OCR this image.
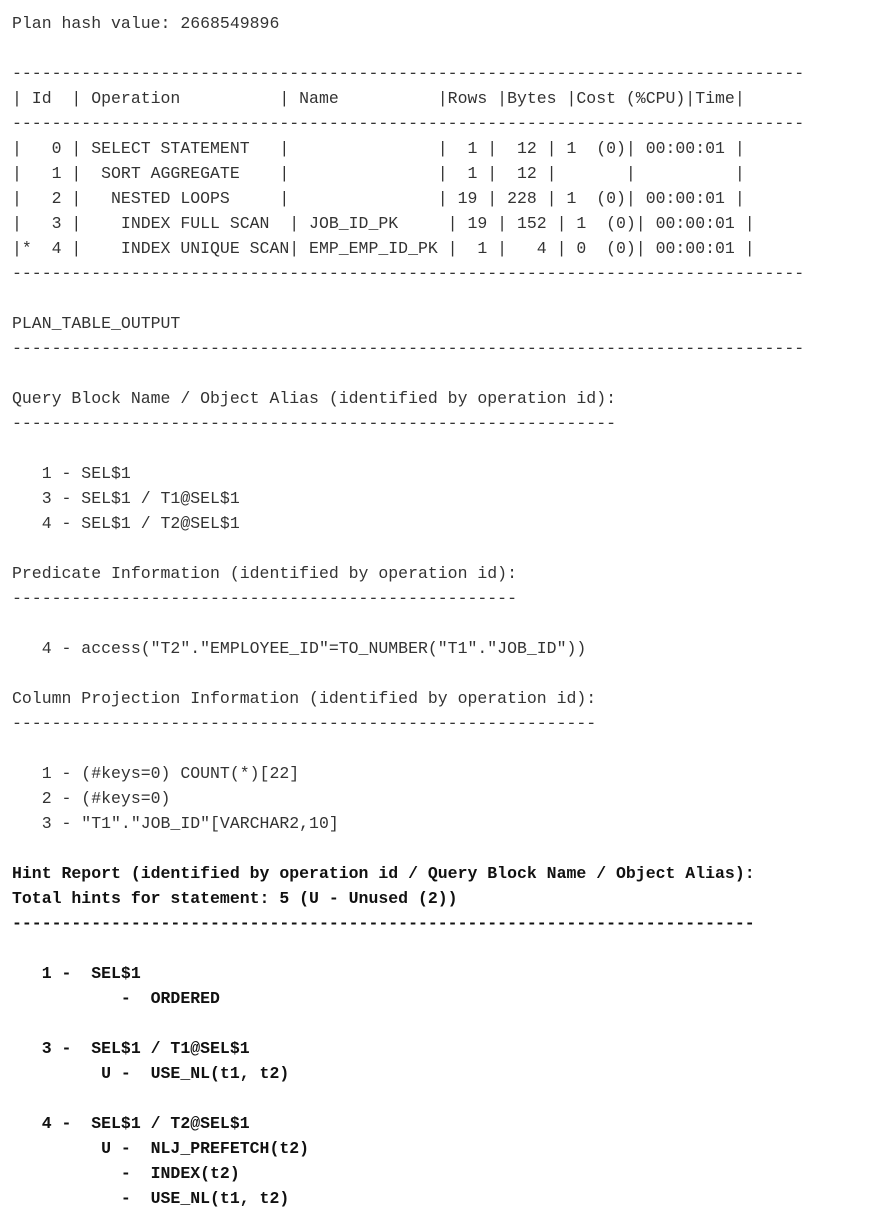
Plan hash value: 2668549896
--------------------------------------------------------------------------------
| Id  | Operation          | Name          |Rows |Bytes |Cost (%CPU)|Time|
--------------------------------------------------------------------------------
|   0 | SELECT STATEMENT   |               |  1 |  12 | 1  (0)| 00:00:01 |
|   1 |  SORT AGGREGATE    |               |  1 |  12 |       |          |
|   2 |   NESTED LOOPS     |               | 19 | 228 | 1  (0)| 00:00:01 |
|   3 |    INDEX FULL SCAN  | JOB_ID_PK     | 19 | 152 | 1  (0)| 00:00:01 |
|*  4 |    INDEX UNIQUE SCAN| EMP_EMP_ID_PK |  1 |   4 | 0  (0)| 00:00:01 |
--------------------------------------------------------------------------------
PLAN_TABLE_OUTPUT
--------------------------------------------------------------------------------
Query Block Name / Object Alias (identified by operation id):
-------------------------------------------------------------
1 - SEL$1
3 - SEL$1 / T1@SEL$1
4 - SEL$1 / T2@SEL$1
Predicate Information (identified by operation id):
---------------------------------------------------
4 - access("T2"."EMPLOYEE_ID"=TO_NUMBER("T1"."JOB_ID"))
Column Projection Information (identified by operation id):
-----------------------------------------------------------
1 - (#keys=0) COUNT(*)[22]
2 - (#keys=0)
3 - "T1"."JOB_ID"[VARCHAR2,10]
Hint Report (identified by operation id / Query Block Name / Object Alias):
Total hints for statement: 5 (U - Unused (2))
---------------------------------------------------------------------------
1 -  SEL$1
-  ORDERED
3 -  SEL$1 / T1@SEL$1
U -  USE_NL(t1, t2)
4 -  SEL$1 / T2@SEL$1
U -  NLJ_PREFETCH(t2)
-  INDEX(t2)
-  USE_NL(t1, t2)
